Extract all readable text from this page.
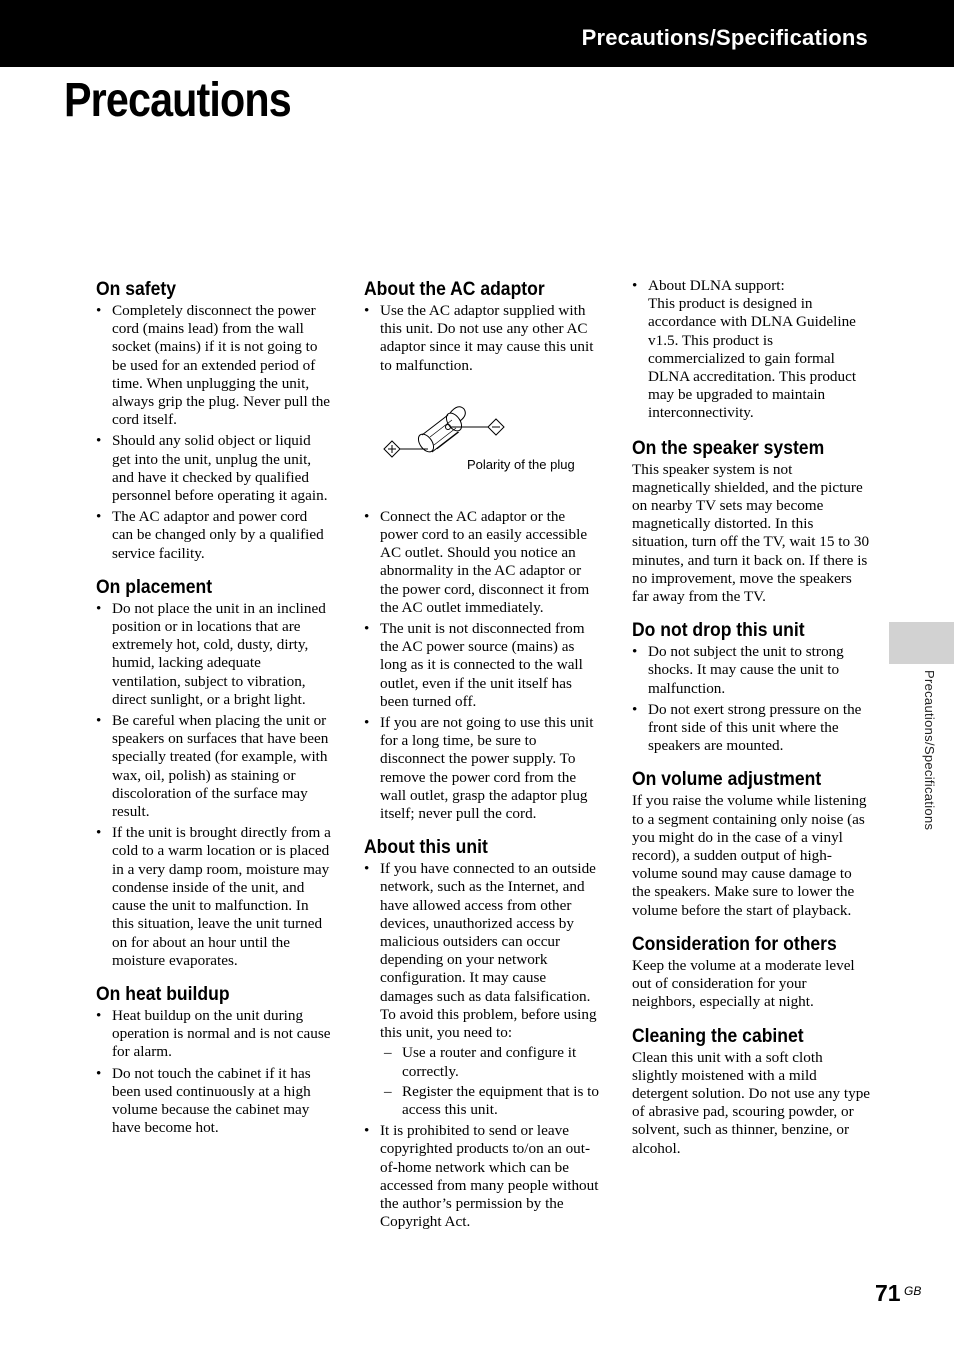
Precautions/Specifications
Precautions
On safety
• Completely disconnect the power cord (mains lead) from the wall socket (mains) if it is not going to be used for an extended period of time. When unplugging the unit, always grip the plug. Never pull the cord itself.
• Should any solid object or liquid get into the unit, unplug the unit, and have it checked by qualified personnel before operating it again.
• The AC adaptor and power cord can be changed only by a qualified service facility.
On placement
• Do not place the unit in an inclined position or in locations that are extremely hot, cold, dusty, dirty, humid, lacking adequate ventilation, subject to vibration, direct sunlight, or a bright light.
• Be careful when placing the unit or speakers on surfaces that have been specially treated (for example, with wax, oil, polish) as staining or discoloration of the surface may result.
• If the unit is brought directly from a cold to a warm location or is placed in a very damp room, moisture may condense inside of the unit, and cause the unit to malfunction. In this situation, leave the unit turned on for about an hour until the moisture evaporates.
On heat buildup
• Heat buildup on the unit during operation is normal and is not cause for alarm.
• Do not touch the cabinet if it has been used continuously at a high volume because the cabinet may have become hot.
About the AC adaptor
• Use the AC adaptor supplied with this unit. Do not use any other AC adaptor since it may cause this unit to malfunction.
Polarity of the plug
• Connect the AC adaptor or the power cord to an easily accessible AC outlet. Should you notice an abnormality in the AC adaptor or the power cord, disconnect it from the AC outlet immediately.
• The unit is not disconnected from the AC power source (mains) as long as it is connected to the wall outlet, even if the unit itself has been turned off.
• If you are not going to use this unit for a long time, be sure to disconnect the power supply. To remove the power cord from the wall outlet, grasp the adaptor plug itself; never pull the cord.
About this unit
• If you have connected to an outside network, such as the Internet, and have allowed access from other devices, unauthorized access by malicious outsiders can occur depending on your network configuration. It may cause damages such as data falsification. To avoid this problem, before using this unit, you need to:
– Use a router and configure it correctly.
– Register the equipment that is to access this unit.
• It is prohibited to send or leave copyrighted products to/on an out-of-home network which can be accessed from many people without the author’s permission by the Copyright Act.
• About DLNA support:
This product is designed in accordance with DLNA Guideline v1.5. This product is commercialized to gain formal DLNA accreditation. This product may be upgraded to maintain interconnectivity.
On the speaker system

This speaker system is not magnetically shielded, and the picture on nearby TV sets may become magnetically distorted. In this situation, turn off the TV, wait 15 to 30 minutes, and turn it back on. If there is no improvement, move the speakers far away from the TV.

Do not drop this unit
• Do not subject the unit to strong shocks. It may cause the unit to malfunction.
• Do not exert strong pressure on the front side of this unit where the speakers are mounted.
On volume adjustment

If you raise the volume while listening to a segment containing only noise (as you might do in the case of a vinyl record), a sudden output of high-volume sound may cause damage to the speakers. Make sure to lower the volume before the start of playback.

Consideration for others

Keep the volume at a moderate level out of consideration for your neighbors, especially at night.

Cleaning the cabinet

Clean this unit with a soft cloth slightly moistened with a mild detergent solution. Do not use any type of abrasive pad, scouring powder, or solvent, such as thinner, benzine, or alcohol.

Precautions/Specifications
71 GB
